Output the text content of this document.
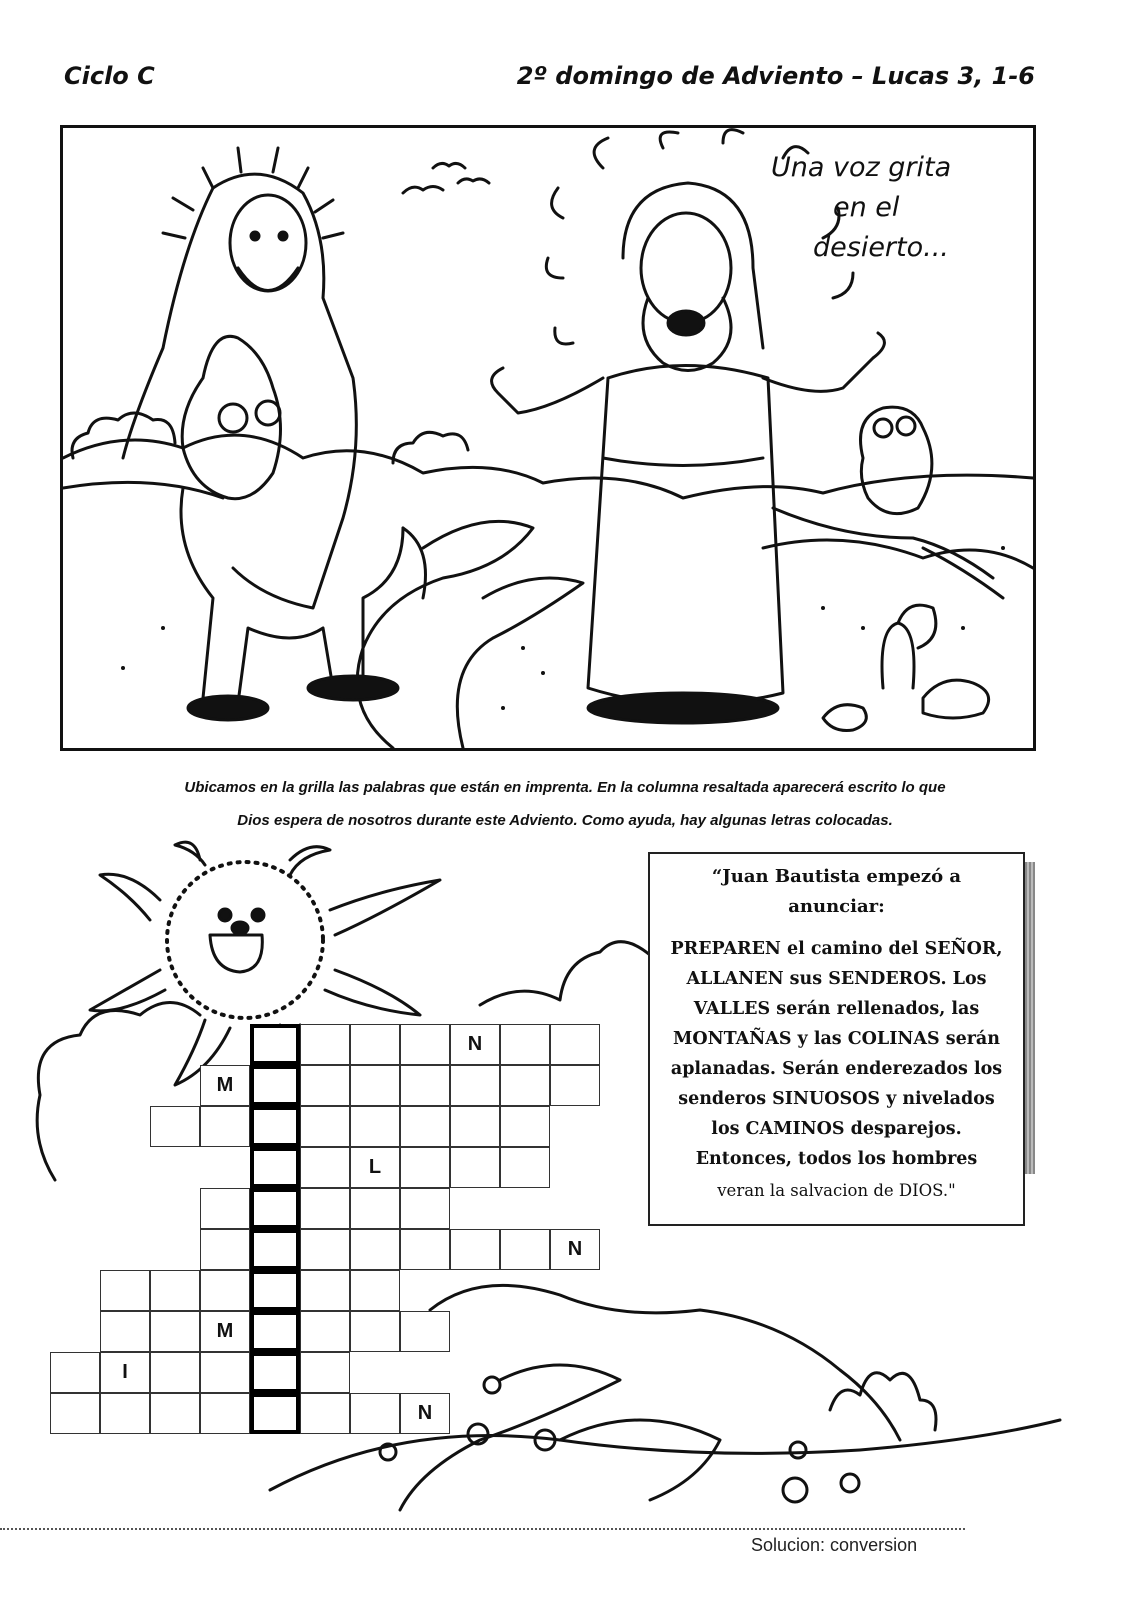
Ciclo C	2º domingo de Adviento – Lucas 3, 1-6
Una voz grita
en el
desierto...
Ubicamos en la grilla las palabras que están en imprenta. En la columna resaltada aparecerá escrito lo que
Dios espera de nosotros durante este Adviento. Como ayuda, hay algunas letras colocadas.
“Juan Bautista empezó a anunciar:
PREPAREN el camino del SEÑOR,
ALLANEN sus SENDEROS. Los
VALLES serán rellenados, las
MONTAÑAS y las COLINAS serán
aplanadas. Serán enderezados los
senderos SINUOSOS y nivelados
los CAMINOS desparejos.
Entonces, todos los hombres
veran la salvacion de DIOS."
N
M
L
N
M
I
N
Solucion: conversion
